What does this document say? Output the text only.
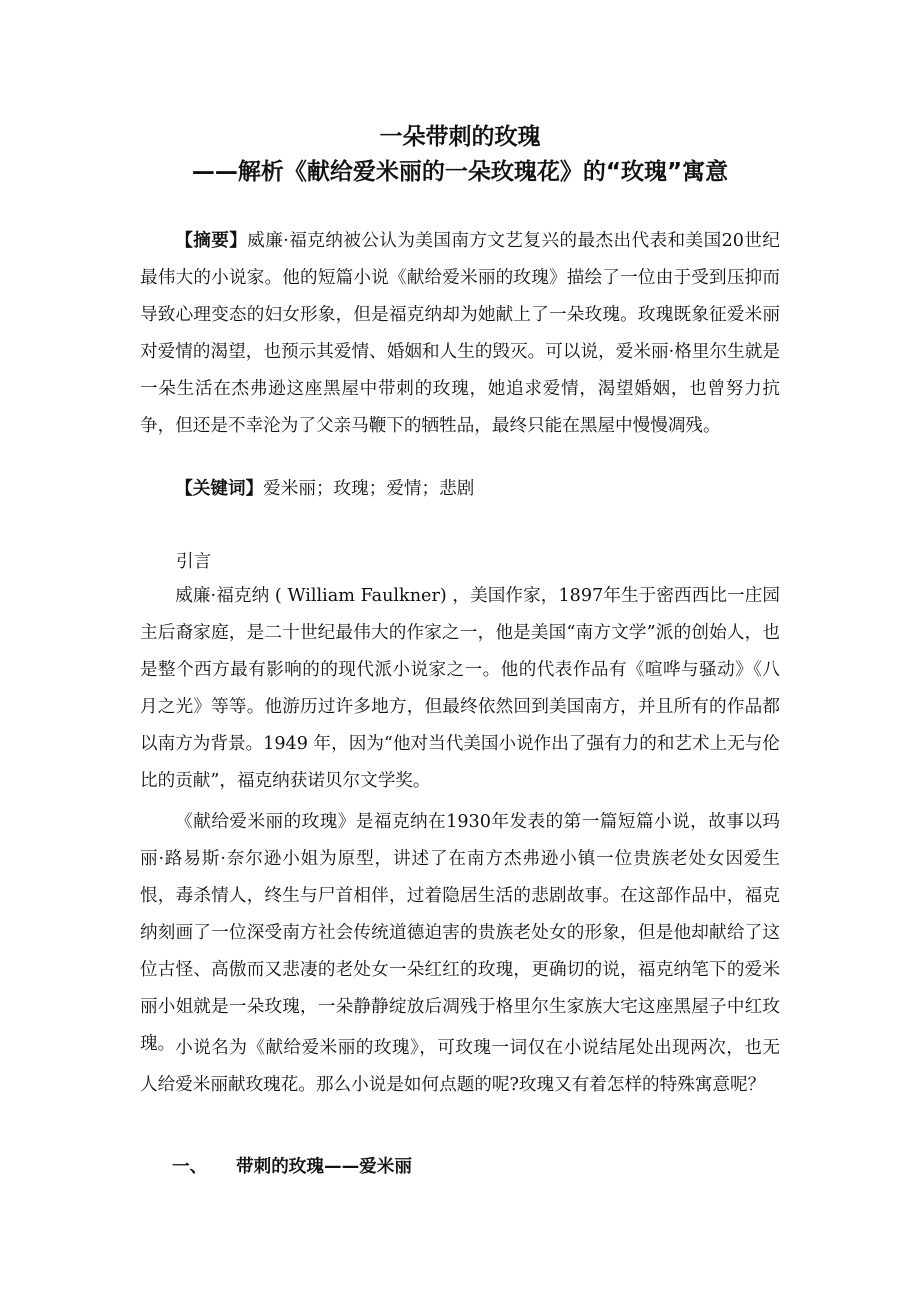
一朵带刺的玫瑰
——解析《献给爱米丽的一朵玫瑰花》的“玫瑰”寓意

【摘要】威廉·福克纳被公认为美国南方文艺复兴的最杰出代表和美国20世纪最伟大的小说家。他的短篇小说《献给爱米丽的玫瑰》描绘了一位由于受到压抑而导致心理变态的妇女形象，但是福克纳却为她献上了一朵玫瑰。玫瑰既象征爱米丽对爱情的渴望，也预示其爱情、婚姻和人生的毁灭。可以说，爱米丽·格里尔生就是一朵生活在杰弗逊这座黑屋中带刺的玫瑰，她追求爱情，渴望婚姻，也曾努力抗争，但还是不幸沦为了父亲马鞭下的牺牲品，最终只能在黑屋中慢慢凋残。

【关键词】爱米丽；玫瑰；爱情；悲剧

引言

威廉·福克纳 ( William Faulkner) ，美国作家，1897年生于密西西比一庄园主后裔家庭，是二十世纪最伟大的作家之一，他是美国“南方文学”派的创始人，也是整个西方最有影响的的现代派小说家之一。他的代表作品有《喧哗与骚动》《八月之光》等等。他游历过许多地方，但最终依然回到美国南方，并且所有的作品都以南方为背景。1949 年，因为“他对当代美国小说作出了强有力的和艺术上无与伦比的贡献”，福克纳获诺贝尔文学奖。

《献给爱米丽的玫瑰》是福克纳在1930年发表的第一篇短篇小说，故事以玛丽·路易斯·奈尔逊小姐为原型，讲述了在南方杰弗逊小镇一位贵族老处女因爱生恨，毒杀情人，终生与尸首相伴，过着隐居生活的悲剧故事。在这部作品中，福克纳刻画了一位深受南方社会传统道德迫害的贵族老处女的形象，但是他却献给了这位古怪、高傲而又悲凄的老处女一朵红红的玫瑰，更确切的说，福克纳笔下的爱米丽小姐就是一朵玫瑰，一朵静静绽放后凋残于格里尔生家族大宅这座黑屋子中红玫瑰。 小说名为《献给爱米丽的玫瑰》，可玫瑰一词仅在小说结尾处出现两次，也无人给爱米丽献玫瑰花。那么小说是如何点题的呢?玫瑰又有着怎样的特殊寓意呢？

一、 带刺的玫瑰——爱米丽
